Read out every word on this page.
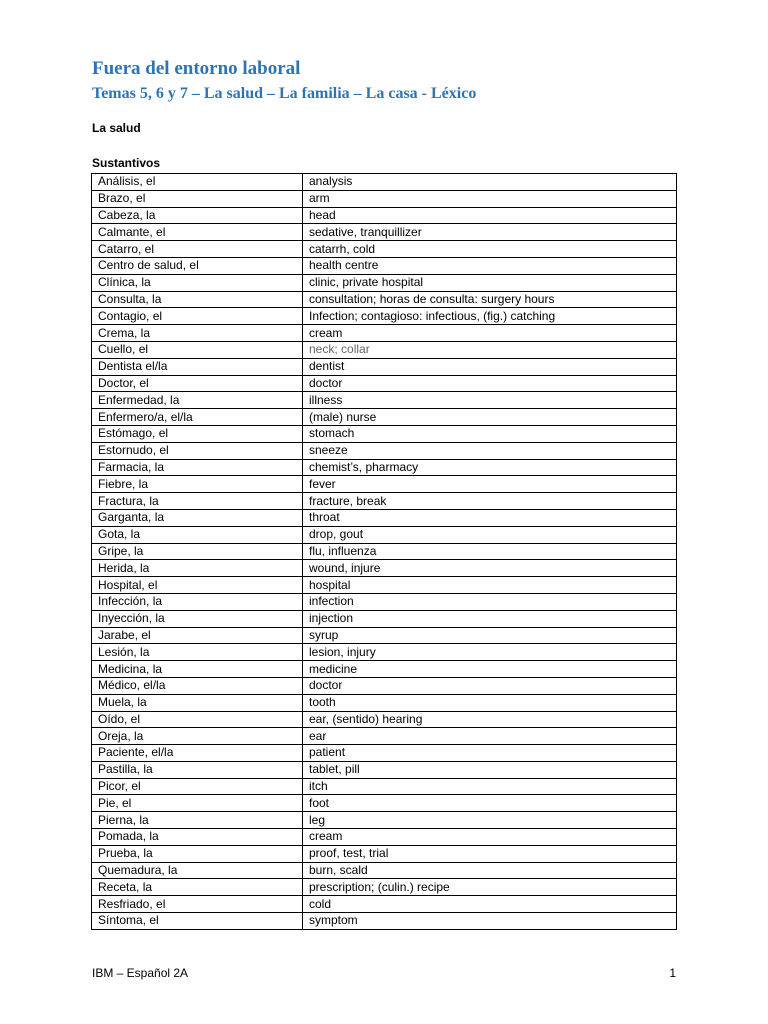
Fuera del entorno laboral
Temas 5, 6 y 7 – La salud – La familia – La casa - Léxico

La salud

Sustantivos

Análisis, el	analysis
Brazo, el	arm
Cabeza, la	head
Calmante, el	sedative, tranquillizer
Catarro, el	catarrh, cold
Centro de salud, el	health centre
Clínica, la	clinic, private hospital
Consulta, la	consultation; horas de consulta: surgery hours
Contagio, el	Infection; contagioso: infectious, (fig.) catching
Crema, la	cream
Cuello, el	neck; collar
Dentista el/la	dentist
Doctor, el	doctor
Enfermedad, la	illness
Enfermero/a, el/la	(male) nurse
Estómago, el	stomach
Estornudo, el	sneeze
Farmacia, la	chemist’s, pharmacy
Fiebre, la	fever
Fractura, la	fracture, break
Garganta, la	throat
Gota, la	drop, gout
Gripe, la	flu, influenza
Herida, la	wound, injure
Hospital, el	hospital
Infección, la	infection
Inyección, la	injection
Jarabe, el	syrup
Lesión, la	lesion, injury
Medicina, la	medicine
Médico, el/la	doctor
Muela, la	tooth
Oído, el	ear, (sentido) hearing
Oreja, la	ear
Paciente, el/la	patient
Pastilla, la	tablet, pill
Picor, el	itch
Pie, el	foot
Pierna, la	leg
Pomada, la	cream
Prueba, la	proof, test, trial
Quemadura, la	burn, scald
Receta, la	prescription; (culin.) recipe
Resfriado, el	cold
Síntoma, el	symptom
IBM – Español 2A	1
